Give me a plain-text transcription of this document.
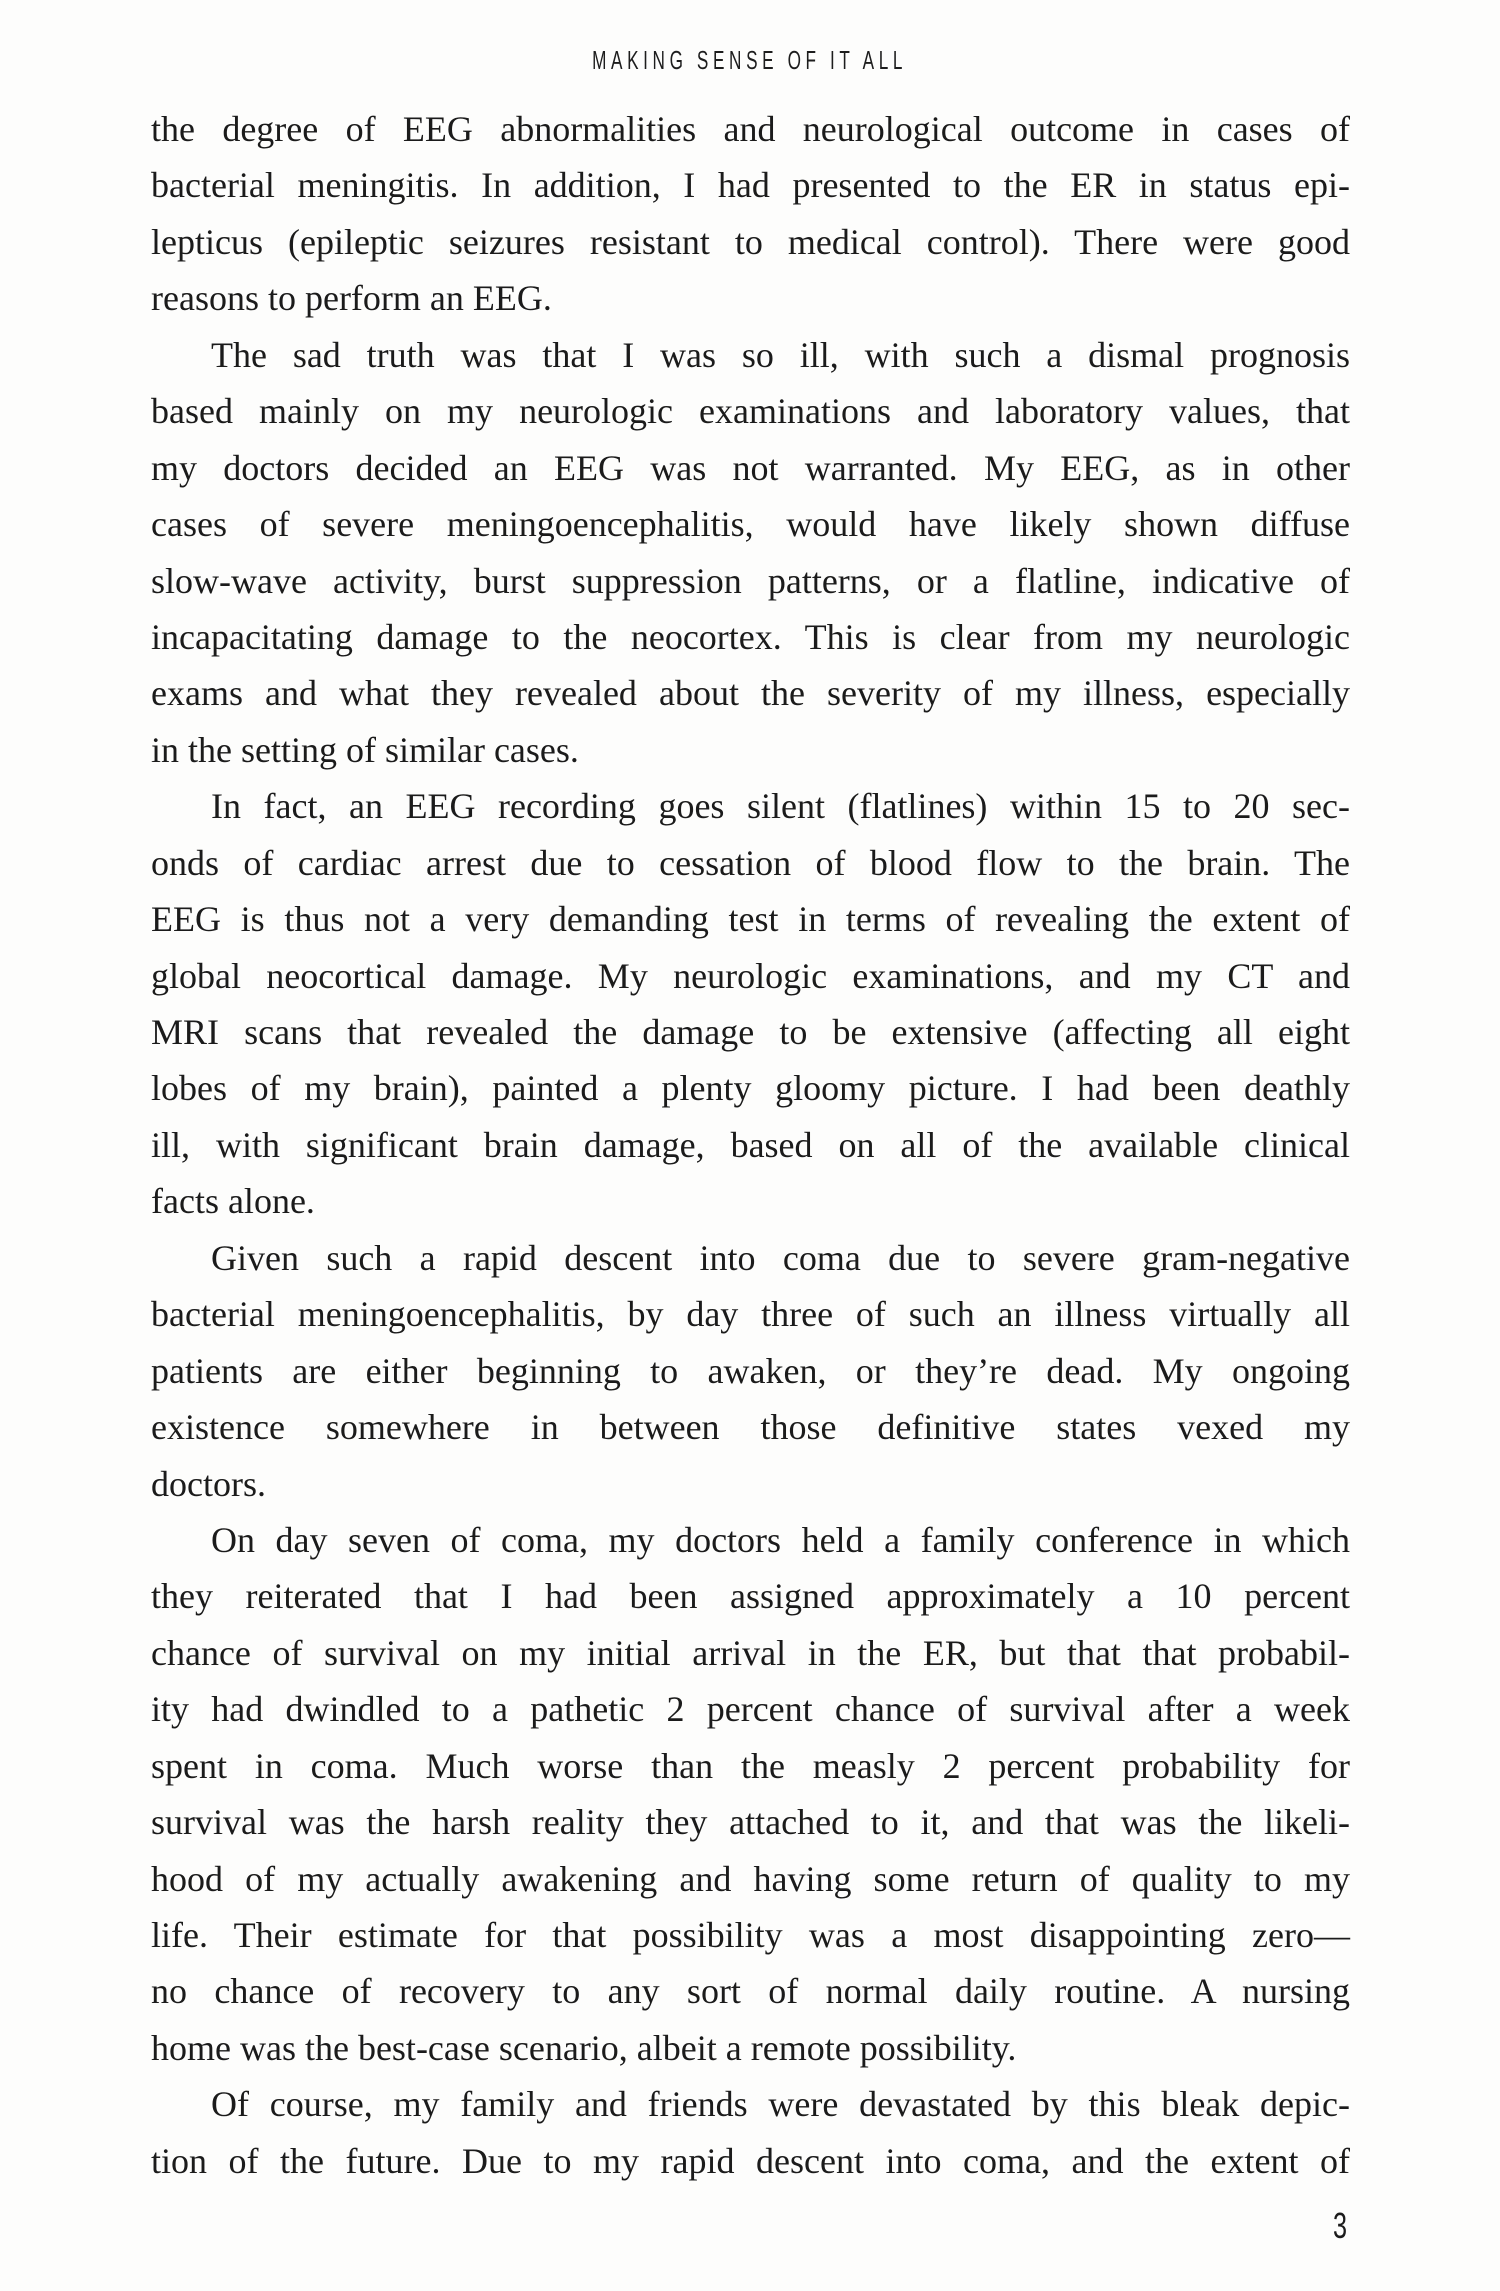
MAKING SENSE OF IT ALL
the degree of EEG abnormalities and neurological outcome in cases of
bacterial meningitis. In addition, I had presented to the ER in status epi-
lepticus (epileptic seizures resistant to medical control). There were good
reasons to perform an EEG.
The sad truth was that I was so ill, with such a dismal prognosis
based mainly on my neurologic examinations and laboratory values, that
my doctors decided an EEG was not warranted. My EEG, as in other
cases of severe meningoencephalitis, would have likely shown diffuse
slow-wave activity, burst suppression patterns, or a flatline, indicative of
incapacitating damage to the neocortex. This is clear from my neurologic
exams and what they revealed about the severity of my illness, especially
in the setting of similar cases.
In fact, an EEG recording goes silent (flatlines) within 15 to 20 sec-
onds of cardiac arrest due to cessation of blood flow to the brain. The
EEG is thus not a very demanding test in terms of revealing the extent of
global neocortical damage. My neurologic examinations, and my CT and
MRI scans that revealed the damage to be extensive (affecting all eight
lobes of my brain), painted a plenty gloomy picture. I had been deathly
ill, with significant brain damage, based on all of the available clinical
facts alone.
Given such a rapid descent into coma due to severe gram-negative
bacterial meningoencephalitis, by day three of such an illness virtually all
patients are either beginning to awaken, or they’re dead. My ongoing
existence somewhere in between those definitive states vexed my
doctors.
On day seven of coma, my doctors held a family conference in which
they reiterated that I had been assigned approximately a 10 percent
chance of survival on my initial arrival in the ER, but that that probabil-
ity had dwindled to a pathetic 2 percent chance of survival after a week
spent in coma. Much worse than the measly 2 percent probability for
survival was the harsh reality they attached to it, and that was the likeli-
hood of my actually awakening and having some return of quality to my
life. Their estimate for that possibility was a most disappointing zero—
no chance of recovery to any sort of normal daily routine. A nursing
home was the best-case scenario, albeit a remote possibility.
Of course, my family and friends were devastated by this bleak depic-
tion of the future. Due to my rapid descent into coma, and the extent of
3
